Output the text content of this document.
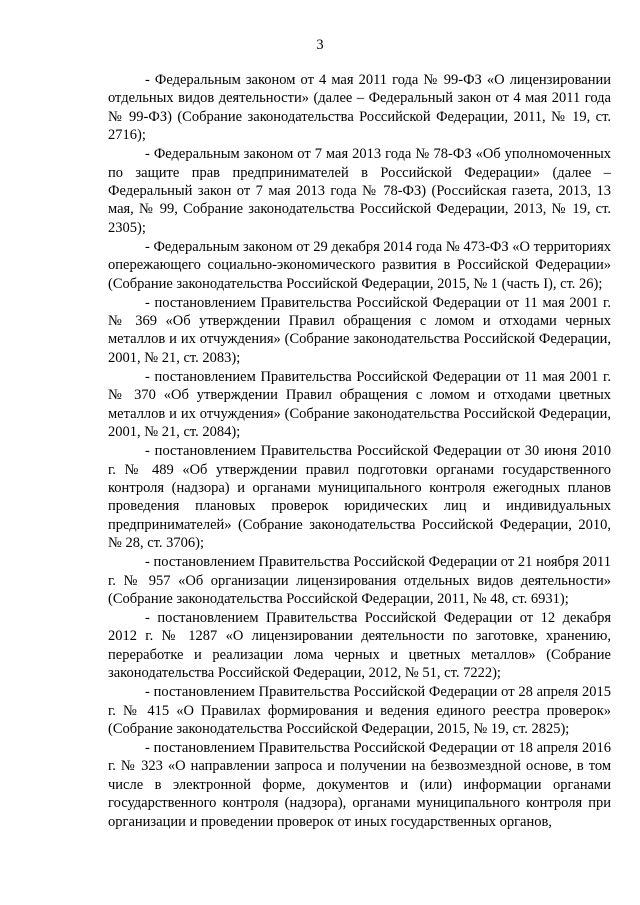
3

- Федеральным законом от 4 мая 2011 года № 99-ФЗ «О лицензировании отдельных видов деятельности» (далее – Федеральный закон от 4 мая 2011 года № 99-ФЗ) (Собрание законодательства Российской Федерации, 2011, № 19, ст. 2716);

- Федеральным законом от 7 мая 2013 года № 78-ФЗ «Об уполномоченных по защите прав предпринимателей в Российской Федерации» (далее – Федеральный закон от 7 мая 2013 года № 78-ФЗ) (Российская газета, 2013, 13 мая, № 99, Собрание законодательства Российской Федерации, 2013, № 19, ст. 2305);

- Федеральным законом от 29 декабря 2014 года № 473-ФЗ «О территориях опережающего социально-экономического развития в Российской Федерации» (Собрание законодательства Российской Федерации, 2015, № 1 (часть I), ст. 26);

- постановлением Правительства Российской Федерации от 11 мая 2001 г. № 369 «Об утверждении Правил обращения с ломом и отходами черных металлов и их отчуждения» (Собрание законодательства Российской Федерации, 2001, № 21, ст. 2083);

- постановлением Правительства Российской Федерации от 11 мая 2001 г. № 370 «Об утверждении Правил обращения с ломом и отходами цветных металлов и их отчуждения» (Собрание законодательства Российской Федерации, 2001, № 21, ст. 2084);

- постановлением Правительства Российской Федерации от 30 июня 2010 г. № 489 «Об утверждении правил подготовки органами государственного контроля (надзора) и органами муниципального контроля ежегодных планов проведения плановых проверок юридических лиц и индивидуальных предпринимателей» (Собрание законодательства Российской Федерации, 2010, № 28, ст. 3706);

- постановлением Правительства Российской Федерации от 21 ноября 2011 г. № 957 «Об организации лицензирования отдельных видов деятельности» (Собрание законодательства Российской Федерации, 2011, № 48, ст. 6931);

- постановлением Правительства Российской Федерации от 12 декабря 2012 г. № 1287 «О лицензировании деятельности по заготовке, хранению, переработке и реализации лома черных и цветных металлов» (Собрание законодательства Российской Федерации, 2012, № 51, ст. 7222);

- постановлением Правительства Российской Федерации от 28 апреля 2015 г. № 415 «О Правилах формирования и ведения единого реестра проверок» (Собрание законодательства Российской Федерации, 2015, № 19, ст. 2825);

- постановлением Правительства Российской Федерации от 18 апреля 2016 г. № 323 «О направлении запроса и получении на безвозмездной основе, в том числе в электронной форме, документов и (или) информации органами государственного контроля (надзора), органами муниципального контроля при организации и проведении проверок от иных государственных органов,
